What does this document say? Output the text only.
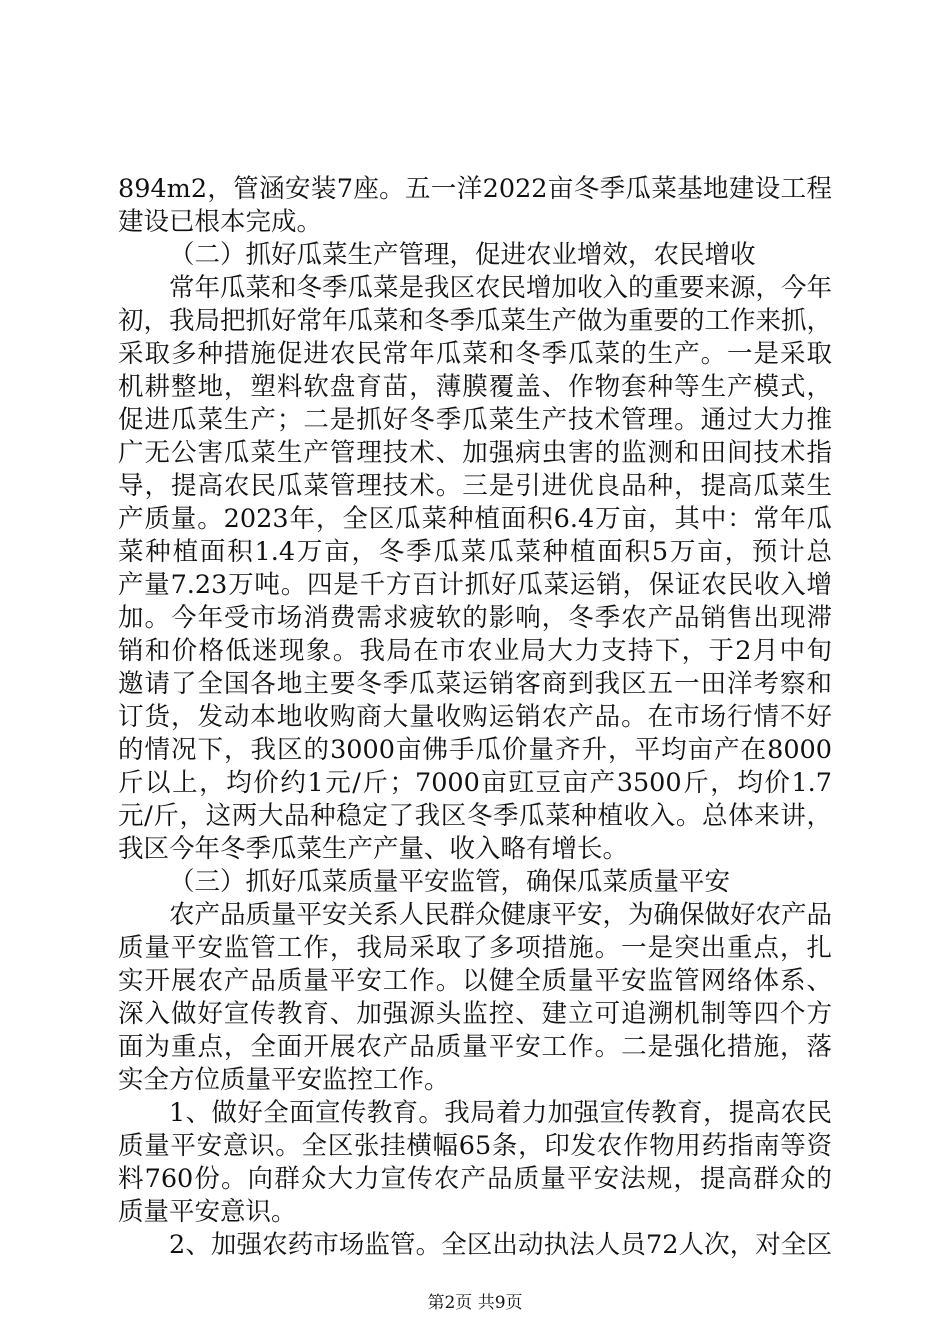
894m2，管涵安装7座。五一洋2022亩冬季瓜菜基地建设工程
建设已根本完成。
（二）抓好瓜菜生产管理，促进农业增效，农民增收
常年瓜菜和冬季瓜菜是我区农民增加收入的重要来源，今年
初，我局把抓好常年瓜菜和冬季瓜菜生产做为重要的工作来抓，
采取多种措施促进农民常年瓜菜和冬季瓜菜的生产。一是采取
机耕整地，塑料软盘育苗，薄膜覆盖、作物套种等生产模式，
促进瓜菜生产；二是抓好冬季瓜菜生产技术管理。通过大力推
广无公害瓜菜生产管理技术、加强病虫害的监测和田间技术指
导，提高农民瓜菜管理技术。三是引进优良品种，提高瓜菜生
产质量。2023年，全区瓜菜种植面积6.4万亩，其中：常年瓜
菜种植面积1.4万亩，冬季瓜菜瓜菜种植面积5万亩，预计总
产量7.23万吨。四是千方百计抓好瓜菜运销，保证农民收入增
加。今年受市场消费需求疲软的影响，冬季农产品销售出现滞
销和价格低迷现象。我局在市农业局大力支持下，于2月中旬
邀请了全国各地主要冬季瓜菜运销客商到我区五一田洋考察和
订货，发动本地收购商大量收购运销农产品。在市场行情不好
的情况下，我区的3000亩佛手瓜价量齐升，平均亩产在8000
斤以上，均价约1元/斤；7000亩豇豆亩产3500斤，均价1.7
元/斤，这两大品种稳定了我区冬季瓜菜种植收入。总体来讲，
我区今年冬季瓜菜生产产量、收入略有增长。
（三）抓好瓜菜质量平安监管，确保瓜菜质量平安
农产品质量平安关系人民群众健康平安，为确保做好农产品
质量平安监管工作，我局采取了多项措施。一是突出重点，扎
实开展农产品质量平安工作。以健全质量平安监管网络体系、
深入做好宣传教育、加强源头监控、建立可追溯机制等四个方
面为重点，全面开展农产品质量平安工作。二是强化措施，落
实全方位质量平安监控工作。
1、做好全面宣传教育。我局着力加强宣传教育，提高农民
质量平安意识。全区张挂横幅65条，印发农作物用药指南等资
料760份。向群众大力宣传农产品质量平安法规，提高群众的
质量平安意识。
2、加强农药市场监管。全区出动执法人员72人次，对全区
第2页 共9页
